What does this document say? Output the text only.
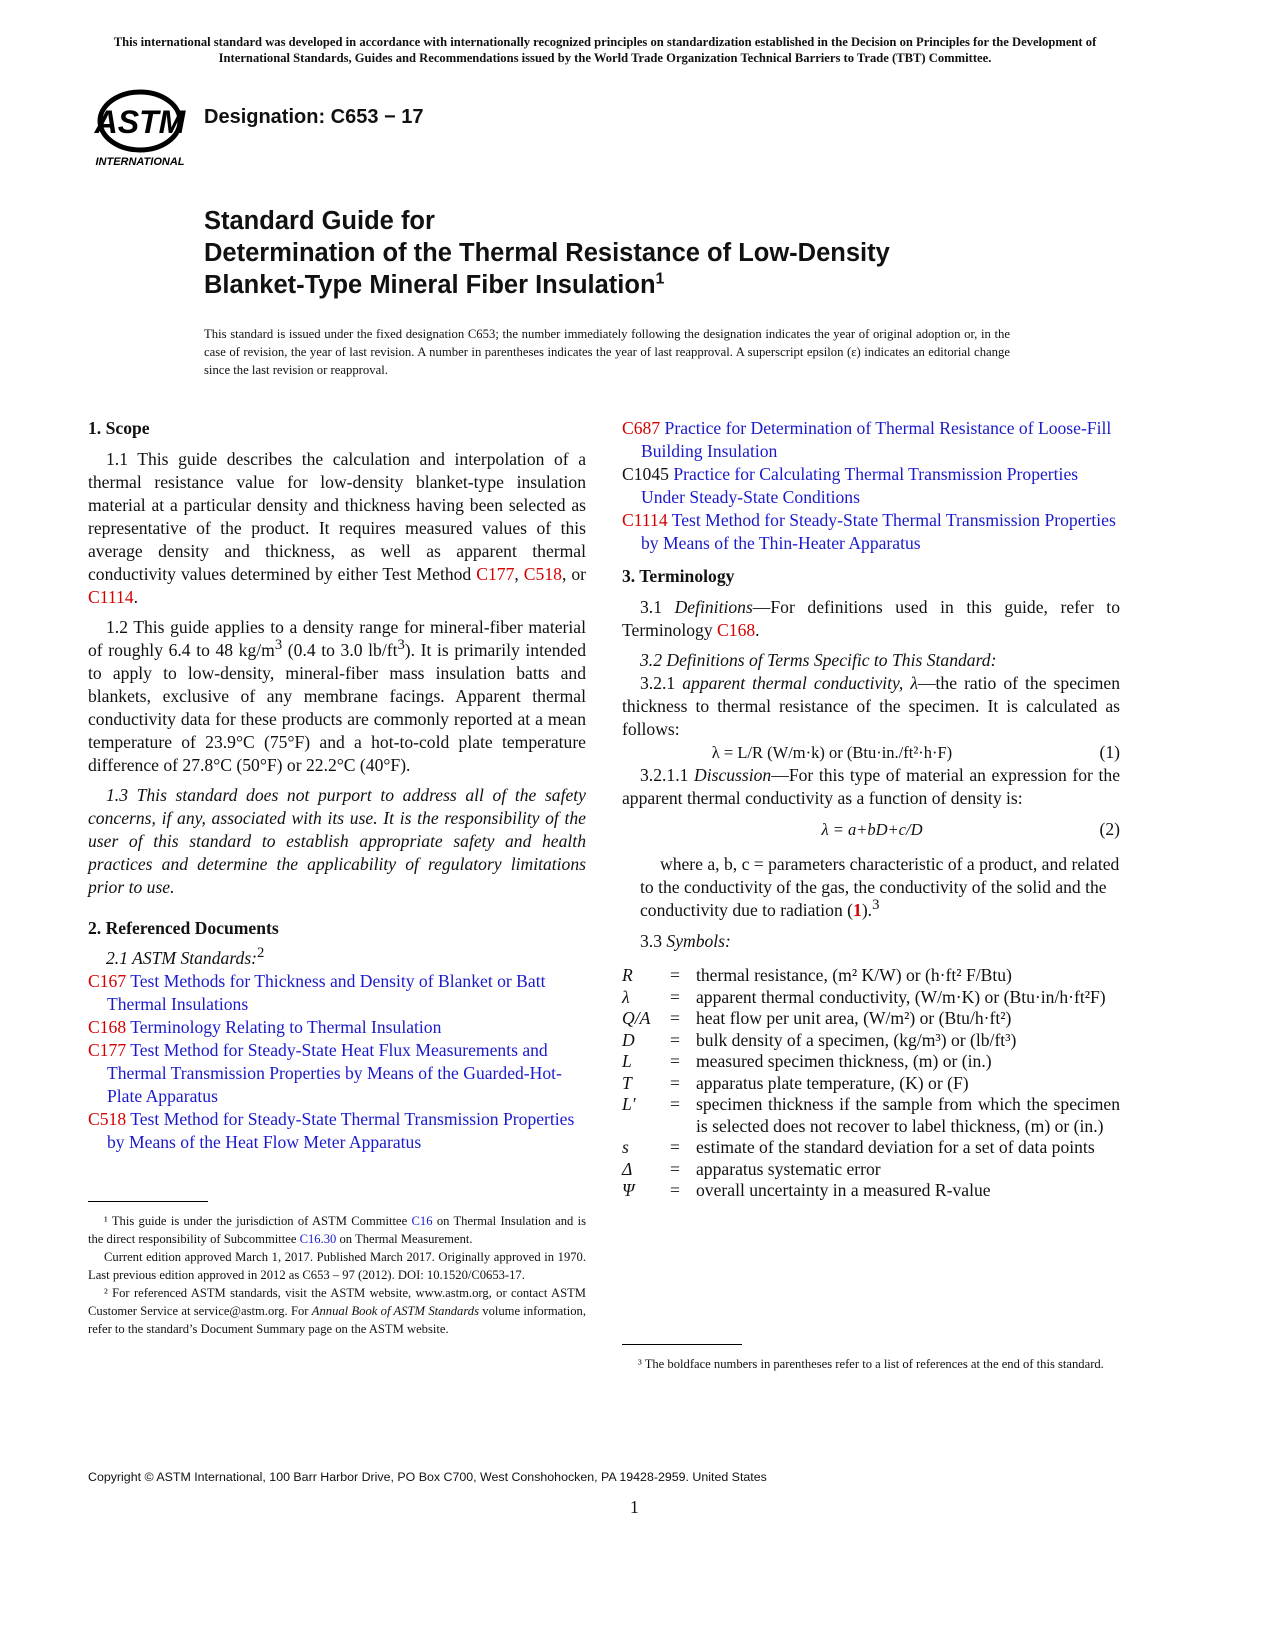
This international standard was developed in accordance with internationally recognized principles on standardization established in the Decision on Principles for the Development of International Standards, Guides and Recommendations issued by the World Trade Organization Technical Barriers to Trade (TBT) Committee.
ASTM
INTERNATIONAL
Designation: C653 − 17
Standard Guide for
Determination of the Thermal Resistance of Low-Density
Blanket-Type Mineral Fiber Insulation$^1$
This standard is issued under the fixed designation C653; the number immediately following the designation indicates the year of original adoption or, in the case of revision, the year of last revision. A number in parentheses indicates the year of last reapproval. A superscript epsilon (ε) indicates an editorial change since the last revision or reapproval.

1. Scope

1.1 This guide describes the calculation and interpolation of a thermal resistance value for low-density blanket-type insulation material at a particular density and thickness having been selected as representative of the product. It requires measured values of this average density and thickness, as well as apparent thermal conductivity values determined by either Test Method C177, C518, or C1114.

1.2 This guide applies to a density range for mineral-fiber material of roughly 6.4 to 48 $kg/m^3$ (0.4 to 3.0 $lb/ft^3$). It is primarily intended to apply to low-density, mineral-fiber mass insulation batts and blankets, exclusive of any membrane facings. Apparent thermal conductivity data for these products are commonly reported at a mean temperature of 23.9°C (75°F) and a hot-to-cold plate temperature difference of 27.8°C (50°F) or 22.2°C (40°F).

1.3 This standard does not purport to address all of the safety concerns, if any, associated with its use. It is the responsibility of the user of this standard to establish appropriate safety and health practices and determine the applicability of regulatory limitations prior to use.

2. Referenced Documents

2.1 ASTM Standards:$^2$

C167 Test Methods for Thickness and Density of Blanket or Batt Thermal Insulations

C168 Terminology Relating to Thermal Insulation

C177 Test Method for Steady-State Heat Flux Measurements and Thermal Transmission Properties by Means of the Guarded-Hot-Plate Apparatus

C518 Test Method for Steady-State Thermal Transmission Properties by Means of the Heat Flow Meter Apparatus

¹ This guide is under the jurisdiction of ASTM Committee C16 on Thermal Insulation and is the direct responsibility of Subcommittee C16.30 on Thermal Measurement.

Current edition approved March 1, 2017. Published March 2017. Originally approved in 1970. Last previous edition approved in 2012 as C653 – 97 (2012). DOI: 10.1520/C0653-17.

² For referenced ASTM standards, visit the ASTM website, www.astm.org, or contact ASTM Customer Service at service@astm.org. For Annual Book of ASTM Standards volume information, refer to the standard’s Document Summary page on the ASTM website.

C687 Practice for Determination of Thermal Resistance of Loose-Fill Building Insulation

C1045 Practice for Calculating Thermal Transmission Properties Under Steady-State Conditions

C1114 Test Method for Steady-State Thermal Transmission Properties by Means of the Thin-Heater Apparatus

3. Terminology

3.1 Definitions—For definitions used in this guide, refer to Terminology C168.

3.2 Definitions of Terms Specific to This Standard:

3.2.1 apparent thermal conductivity, λ—the ratio of the specimen thickness to thermal resistance of the specimen. It is calculated as follows:

λ = L/R (W/m·k) or (Btu·in./ft²·h·F)	(1)

3.2.1.1 Discussion—For this type of material an expression for the apparent thermal conductivity as a function of density is:

λ = a+bD+c/D	(2)

where a, b, c = parameters characteristic of a product, and related to the conductivity of the gas, the conductivity of the solid and the conductivity due to radiation (1).$^3$

3.3 Symbols:

R	= thermal resistance, (m² K/W) or (h·ft² F/Btu)
λ	= apparent thermal conductivity, (W/m·K) or (Btu·in/h·ft²F)
Q/A	= heat flow per unit area, (W/m²) or (Btu/h·ft²)
D	= bulk density of a specimen, (kg/m³) or (lb/ft³)
L	= measured specimen thickness, (m) or (in.)
T	= apparatus plate temperature, (K) or (F)
L′	= specimen thickness if the sample from which the specimen is selected does not recover to label thickness, (m) or (in.)
s	= estimate of the standard deviation for a set of data points
Δ	= apparatus systematic error
Ψ	= overall uncertainty in a measured R-value
³ The boldface numbers in parentheses refer to a list of references at the end of this standard.
Copyright © ASTM International, 100 Barr Harbor Drive, PO Box C700, West Conshohocken, PA 19428-2959. United States
1
